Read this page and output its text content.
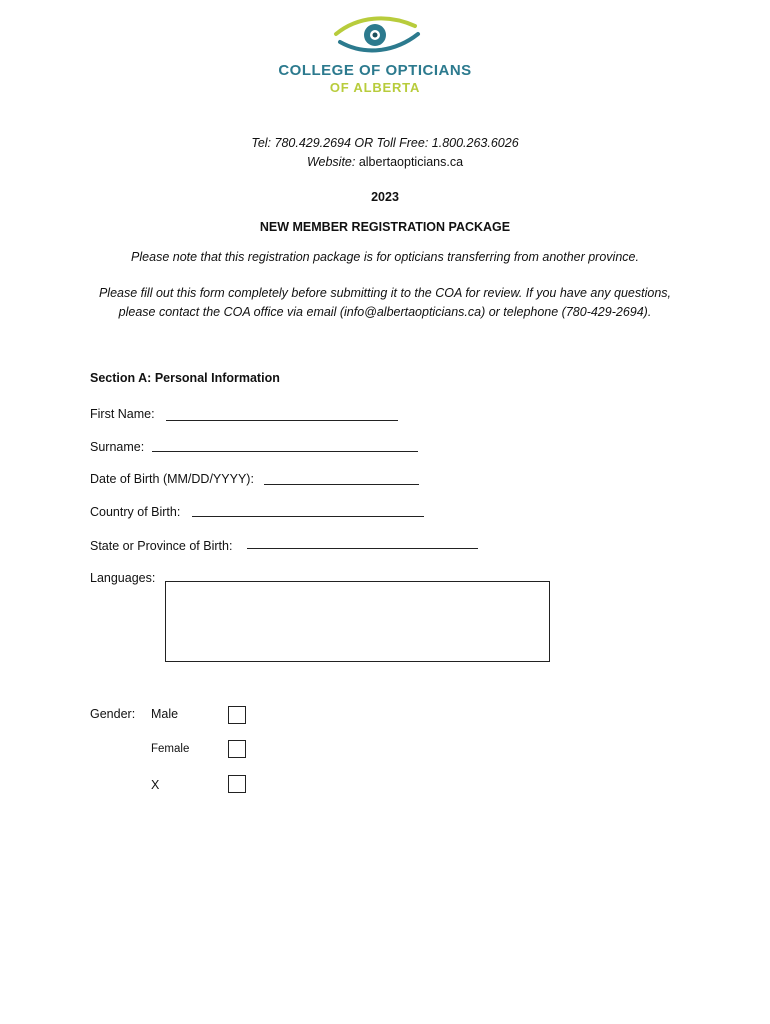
COLLEGE OF OPTICIANS
OF ALBERTA
Tel: 780.429.2694 OR Toll Free: 1.800.263.6026
Website: albertaopticians.ca
2023
NEW MEMBER REGISTRATION PACKAGE
Please note that this registration package is for opticians transferring from another province.
Please fill out this form completely before submitting it to the COA for review. If you have any questions,
please contact the COA office via email (info@albertaopticians.ca) or telephone (780-429-2694).
Section A: Personal Information
First Name:
Surname:
Date of Birth (MM/DD/YYYY):
Country of Birth:
State or Province of Birth:
Languages:
Gender: Male
Female
X
